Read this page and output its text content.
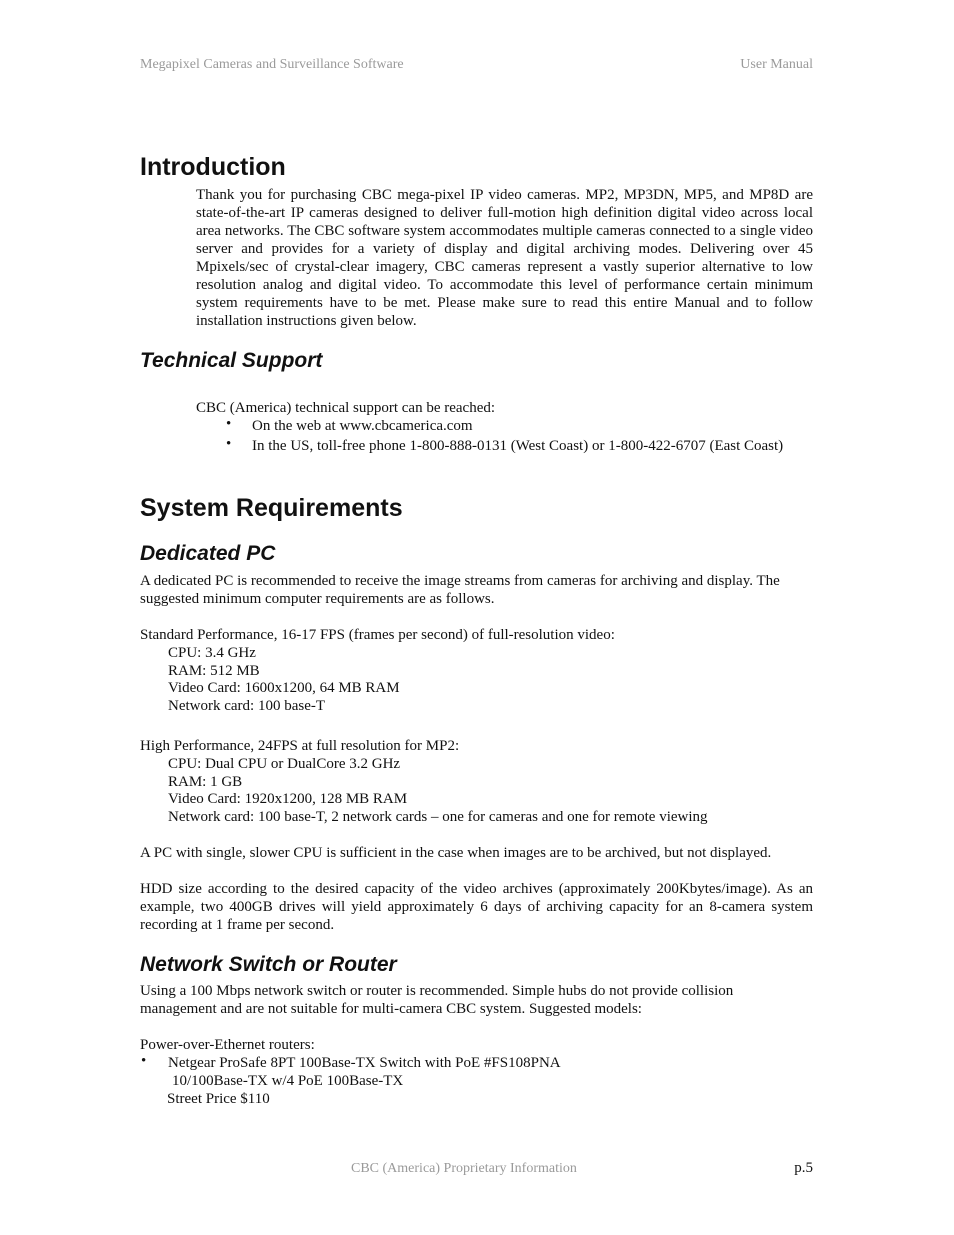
Megapixel Cameras and Surveillance Software	User Manual
Introduction

Thank you for purchasing CBC mega-pixel IP video cameras. MP2, MP3DN, MP5, and MP8D are state-of-the-art IP cameras designed to deliver full-motion high definition digital video across local area networks. The CBC software system accommodates multiple cameras connected to a single video server and provides for a variety of display and digital archiving modes. Delivering over 45 Mpixels/sec of crystal-clear imagery, CBC cameras represent a vastly superior alternative to low resolution analog and digital video. To accommodate this level of performance certain minimum system requirements have to be met. Please make sure to read this entire Manual and to follow installation instructions given below.

Technical Support

CBC (America) technical support can be reached:

• On the web at www.cbcamerica.com
• In the US, toll-free phone 1-800-888-0131 (West Coast) or 1-800-422-6707 (East Coast)
System Requirements
Dedicated PC

A dedicated PC is recommended to receive the image streams from cameras for archiving and display. The suggested minimum computer requirements are as follows.

Standard Performance, 16-17 FPS (frames per second) of full-resolution video:

CPU: 3.4 GHz

RAM: 512 MB

Video Card: 1600x1200, 64 MB RAM

Network card: 100 base-T

High Performance, 24FPS at full resolution for MP2:

CPU: Dual CPU or DualCore 3.2 GHz

RAM: 1 GB

Video Card: 1920x1200, 128 MB RAM

Network card: 100 base-T, 2 network cards – one for cameras and one for remote viewing

A PC with single, slower CPU is sufficient in the case when images are to be archived, but not displayed.

HDD size according to the desired capacity of the video archives (approximately 200Kbytes/image). As an example, two 400GB drives will yield approximately 6 days of archiving capacity for an 8-camera system recording at 1 frame per second.

Network Switch or Router

Using a 100 Mbps network switch or router is recommended. Simple hubs do not provide collision management and are not suitable for multi-camera CBC system. Suggested models:

Power-over-Ethernet routers:

• Netgear ProSafe 8PT 100Base-TX Switch with PoE #FS108PNA

10/100Base-TX w/4 PoE 100Base-TX

Street Price $110

CBC (America) Proprietary Information	p.5
